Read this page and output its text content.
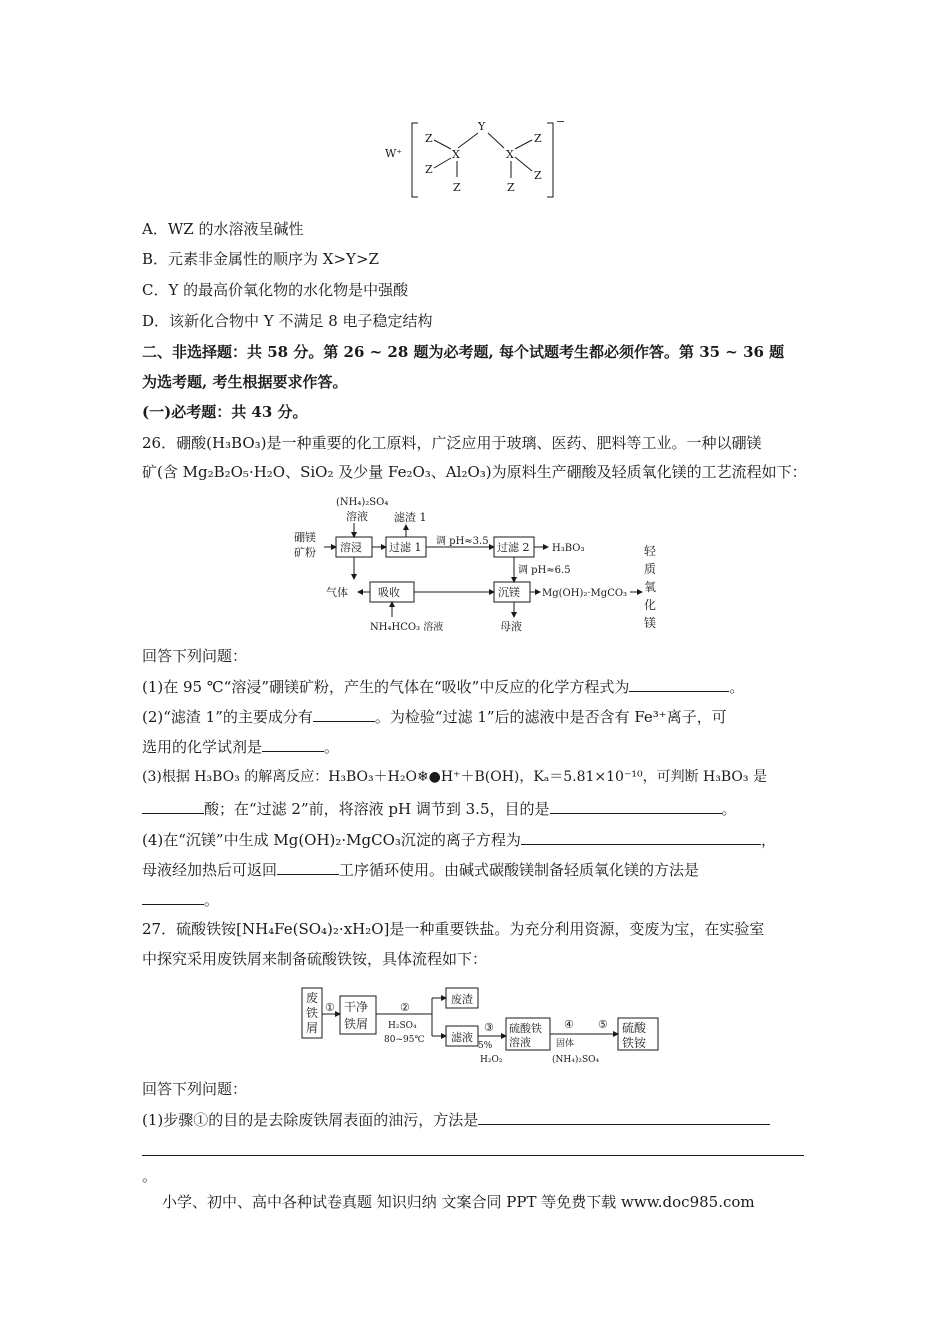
W⁺
−
Y
X	X
Z
Z
Z
Z
Z
Z
A．WZ 的水溶液呈碱性
B．元素非金属性的顺序为 X>Y>Z
C．Y 的最高价氧化物的水化物是中强酸
D．该新化合物中 Y 不满足 8 电子稳定结构
二、非选择题：共 58 分。第 26 ~ 28 题为必考题, 每个试题考生都必须作答。第 35 ~ 36 题
为选考题, 考生根据要求作答。
(一)必考题：共 43 分。
26．硼酸(H₃BO₃)是一种重要的化工原料，广泛应用于玻璃、医药、肥料等工业。一种以硼镁
矿(含 Mg₂B₂O₅·H₂O、SiO₂ 及少量 Fe₂O₃、Al₂O₃)为原料生产硼酸及轻质氧化镁的工艺流程如下：
(NH₄)₂SO₄
溶液 滤渣 1
硼镁
矿粉 溶浸 过滤 1 调 pH≈3.5 过滤 2 H₃BO₃
调 pH≈6.5
气体	吸收	沉镁 Mg(OH)₂·MgCO₃
NH₄HCO₃ 溶液	母液
轻
质
氧
化
镁
回答下列问题：
(1)在 95 ℃“溶浸”硼镁矿粉，产生的气体在“吸收”中反应的化学方程式为	。
(2)“滤渣 1”的主要成分有	。为检验“过滤 1”后的滤液中是否含有 Fe³⁺离子，可
选用的化学试剂是	。
(3)根据 H₃BO₃ 的解离反应：H₃BO₃＋H₂O❄●H⁺＋B(OH)，Kₐ＝5.81×10⁻¹⁰，可判断 H₃BO₃ 是
酸；在“过滤 2”前，将溶液 pH 调节到 3.5，目的是	。
(4)在“沉镁”中生成 Mg(OH)₂·MgCO₃沉淀的离子方程为	，
母液经加热后可返回	工序循环使用。由碱式碳酸镁制备轻质氧化镁的方法是
。
27．硫酸铁铵[NH₄Fe(SO₄)₂·xH₂O]是一种重要铁盐。为充分利用资源，变废为宝，在实验室
中探究采用废铁屑来制备硫酸铁铵，具体流程如下：
废
铁
屑
① 干净
铁屑
②
H₂SO₄
80~95℃
废渣
滤液
③
5%
H₂O₂
硫酸铁
溶液
④
固体
(NH₄)₂SO₄
⑤ 硫酸
铁铵
回答下列问题：
(1)步骤①的目的是去除废铁屑表面的油污，方法是
。
小学、初中、高中各种试卷真题 知识归纳 文案合同 PPT 等免费下载 www.doc985.com
